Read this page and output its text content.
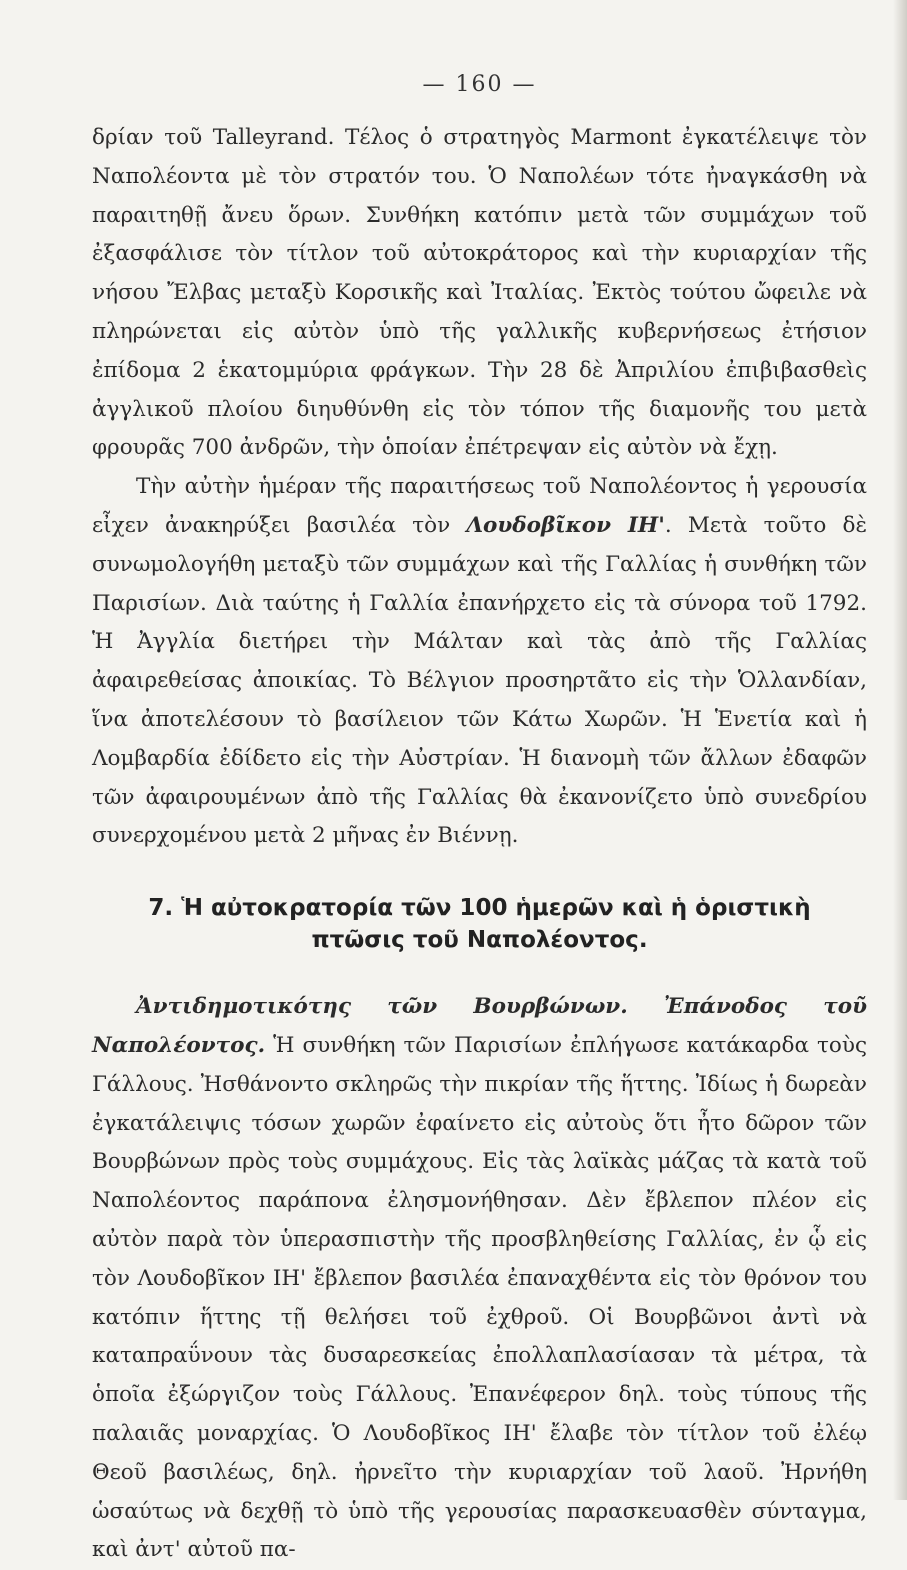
— 160 —

δρίαν τοῦ Talleyrand. Τέλος ὁ στρατηγὸς Marmont ἐγκατέλειψε τὸν Ναπολέοντα μὲ τὸν στρατόν του. Ὁ Ναπολέων τότε ἠναγκάσθη νὰ παραιτηθῇ ἄνευ ὅρων. Συνθήκη κατόπιν μετὰ τῶν συμμάχων τοῦ ἐξασφάλισε τὸν τίτλον τοῦ αὐτοκράτορος καὶ τὴν κυριαρχίαν τῆς νήσου Ἔλβας μεταξὺ Κορσικῆς καὶ Ἰταλίας. Ἐκτὸς τούτου ὤφειλε νὰ πληρώνεται εἰς αὐτὸν ὑπὸ τῆς γαλλικῆς κυβερνήσεως ἐτήσιον ἐπίδομα 2 ἑκατομμύρια φράγκων. Τὴν 28 δὲ Ἀπριλίου ἐπιβιβασθεὶς ἀγγλικοῦ πλοίου διηυθύνθη εἰς τὸν τόπον τῆς διαμονῆς του μετὰ φρουρᾶς 700 ἀνδρῶν, τὴν ὁποίαν ἐπέτρεψαν εἰς αὐτὸν νὰ ἔχῃ.

Τὴν αὐτὴν ἡμέραν τῆς παραιτήσεως τοῦ Ναπολέοντος ἡ γερουσία εἶχεν ἀνακηρύξει βασιλέα τὸν Λουδοβῖκον ΙΗ'. Μετὰ τοῦτο δὲ συνωμολογήθη μεταξὺ τῶν συμμάχων καὶ τῆς Γαλλίας ἡ συνθήκη τῶν Παρισίων. Διὰ ταύτης ἡ Γαλλία ἐπανήρχετο εἰς τὰ σύνορα τοῦ 1792. Ἡ Ἀγγλία διετήρει τὴν Μάλταν καὶ τὰς ἀπὸ τῆς Γαλλίας ἀφαιρεθείσας ἀποικίας. Τὸ Βέλγιον προσηρτᾶτο εἰς τὴν Ὁλλανδίαν, ἵνα ἀποτελέσουν τὸ βασίλειον τῶν Κάτω Χωρῶν. Ἡ Ἑνετία καὶ ἡ Λομβαρδία ἐδίδετο εἰς τὴν Αὐστρίαν. Ἡ διανομὴ τῶν ἄλλων ἐδαφῶν τῶν ἀφαιρουμένων ἀπὸ τῆς Γαλλίας θὰ ἐκανονίζετο ὑπὸ συνεδρίου συνερχομένου μετὰ 2 μῆνας ἐν Βιέννῃ.

7. Ἡ αὐτοκρατορία τῶν 100 ἡμερῶν καὶ ἡ ὁριστικὴ
πτῶσις τοῦ Ναπολέοντος.

Ἀντιδημοτικότης τῶν Βουρβώνων. Ἐπάνοδος τοῦ Ναπολέοντος. Ἡ συνθήκη τῶν Παρισίων ἐπλήγωσε κατάκαρδα τοὺς Γάλλους. Ἠσθάνοντο σκληρῶς τὴν πικρίαν τῆς ἥττης. Ἰδίως ἡ δωρεὰν ἐγκατάλειψις τόσων χωρῶν ἐφαίνετο εἰς αὐτοὺς ὅτι ἦτο δῶρον τῶν Βουρβώνων πρὸς τοὺς συμμάχους. Εἰς τὰς λαϊκὰς μάζας τὰ κατὰ τοῦ Ναπολέοντος παράπονα ἐλησμονήθησαν. Δὲν ἔβλεπον πλέον εἰς αὐτὸν παρὰ τὸν ὑπερασπιστὴν τῆς προσβληθείσης Γαλλίας, ἐν ᾧ εἰς τὸν Λουδοβῖκον ΙΗ' ἔβλεπον βασιλέα ἐπαναχθέντα εἰς τὸν θρόνον του κατόπιν ἥττης τῇ θελήσει τοῦ ἐχθροῦ. Οἱ Βουρβῶνοι ἀντὶ νὰ καταπραΰνουν τὰς δυσαρεσκείας ἐπολλαπλασίασαν τὰ μέτρα, τὰ ὁποῖα ἐξώργιζον τοὺς Γάλλους. Ἐπανέφερον δηλ. τοὺς τύπους τῆς παλαιᾶς μοναρχίας. Ὁ Λουδοβῖκος ΙΗ' ἔλαβε τὸν τίτλον τοῦ ἐλέῳ Θεοῦ βασιλέως, δηλ. ἠρνεῖτο τὴν κυριαρχίαν τοῦ λαοῦ. Ἠρνήθη ὡσαύτως νὰ δεχθῇ τὸ ὑπὸ τῆς γερουσίας παρασκευασθὲν σύνταγμα, καὶ ἀντ' αὐτοῦ πα-
